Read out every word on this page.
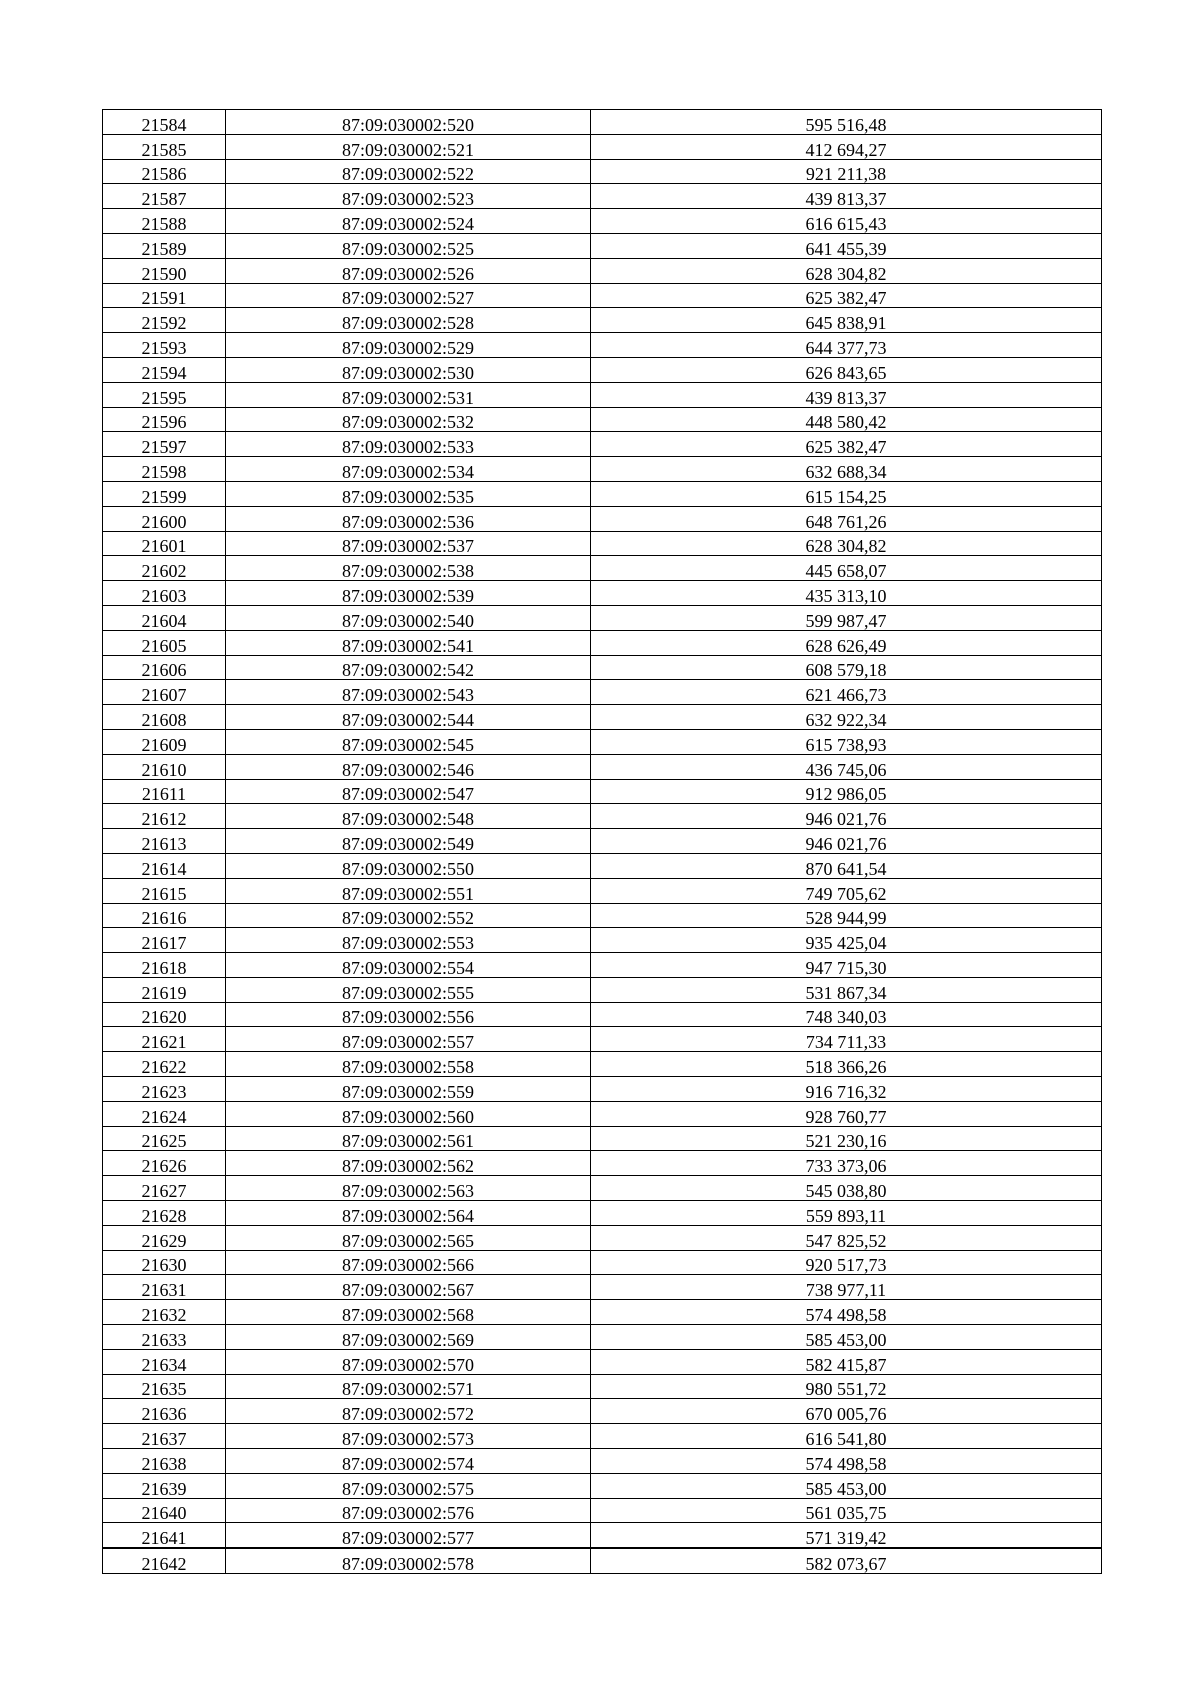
21584	87:09:030002:520	595 516,48
21585	87:09:030002:521	412 694,27
21586	87:09:030002:522	921 211,38
21587	87:09:030002:523	439 813,37
21588	87:09:030002:524	616 615,43
21589	87:09:030002:525	641 455,39
21590	87:09:030002:526	628 304,82
21591	87:09:030002:527	625 382,47
21592	87:09:030002:528	645 838,91
21593	87:09:030002:529	644 377,73
21594	87:09:030002:530	626 843,65
21595	87:09:030002:531	439 813,37
21596	87:09:030002:532	448 580,42
21597	87:09:030002:533	625 382,47
21598	87:09:030002:534	632 688,34
21599	87:09:030002:535	615 154,25
21600	87:09:030002:536	648 761,26
21601	87:09:030002:537	628 304,82
21602	87:09:030002:538	445 658,07
21603	87:09:030002:539	435 313,10
21604	87:09:030002:540	599 987,47
21605	87:09:030002:541	628 626,49
21606	87:09:030002:542	608 579,18
21607	87:09:030002:543	621 466,73
21608	87:09:030002:544	632 922,34
21609	87:09:030002:545	615 738,93
21610	87:09:030002:546	436 745,06
21611	87:09:030002:547	912 986,05
21612	87:09:030002:548	946 021,76
21613	87:09:030002:549	946 021,76
21614	87:09:030002:550	870 641,54
21615	87:09:030002:551	749 705,62
21616	87:09:030002:552	528 944,99
21617	87:09:030002:553	935 425,04
21618	87:09:030002:554	947 715,30
21619	87:09:030002:555	531 867,34
21620	87:09:030002:556	748 340,03
21621	87:09:030002:557	734 711,33
21622	87:09:030002:558	518 366,26
21623	87:09:030002:559	916 716,32
21624	87:09:030002:560	928 760,77
21625	87:09:030002:561	521 230,16
21626	87:09:030002:562	733 373,06
21627	87:09:030002:563	545 038,80
21628	87:09:030002:564	559 893,11
21629	87:09:030002:565	547 825,52
21630	87:09:030002:566	920 517,73
21631	87:09:030002:567	738 977,11
21632	87:09:030002:568	574 498,58
21633	87:09:030002:569	585 453,00
21634	87:09:030002:570	582 415,87
21635	87:09:030002:571	980 551,72
21636	87:09:030002:572	670 005,76
21637	87:09:030002:573	616 541,80
21638	87:09:030002:574	574 498,58
21639	87:09:030002:575	585 453,00
21640	87:09:030002:576	561 035,75
21641	87:09:030002:577	571 319,42
21642	87:09:030002:578	582 073,67
